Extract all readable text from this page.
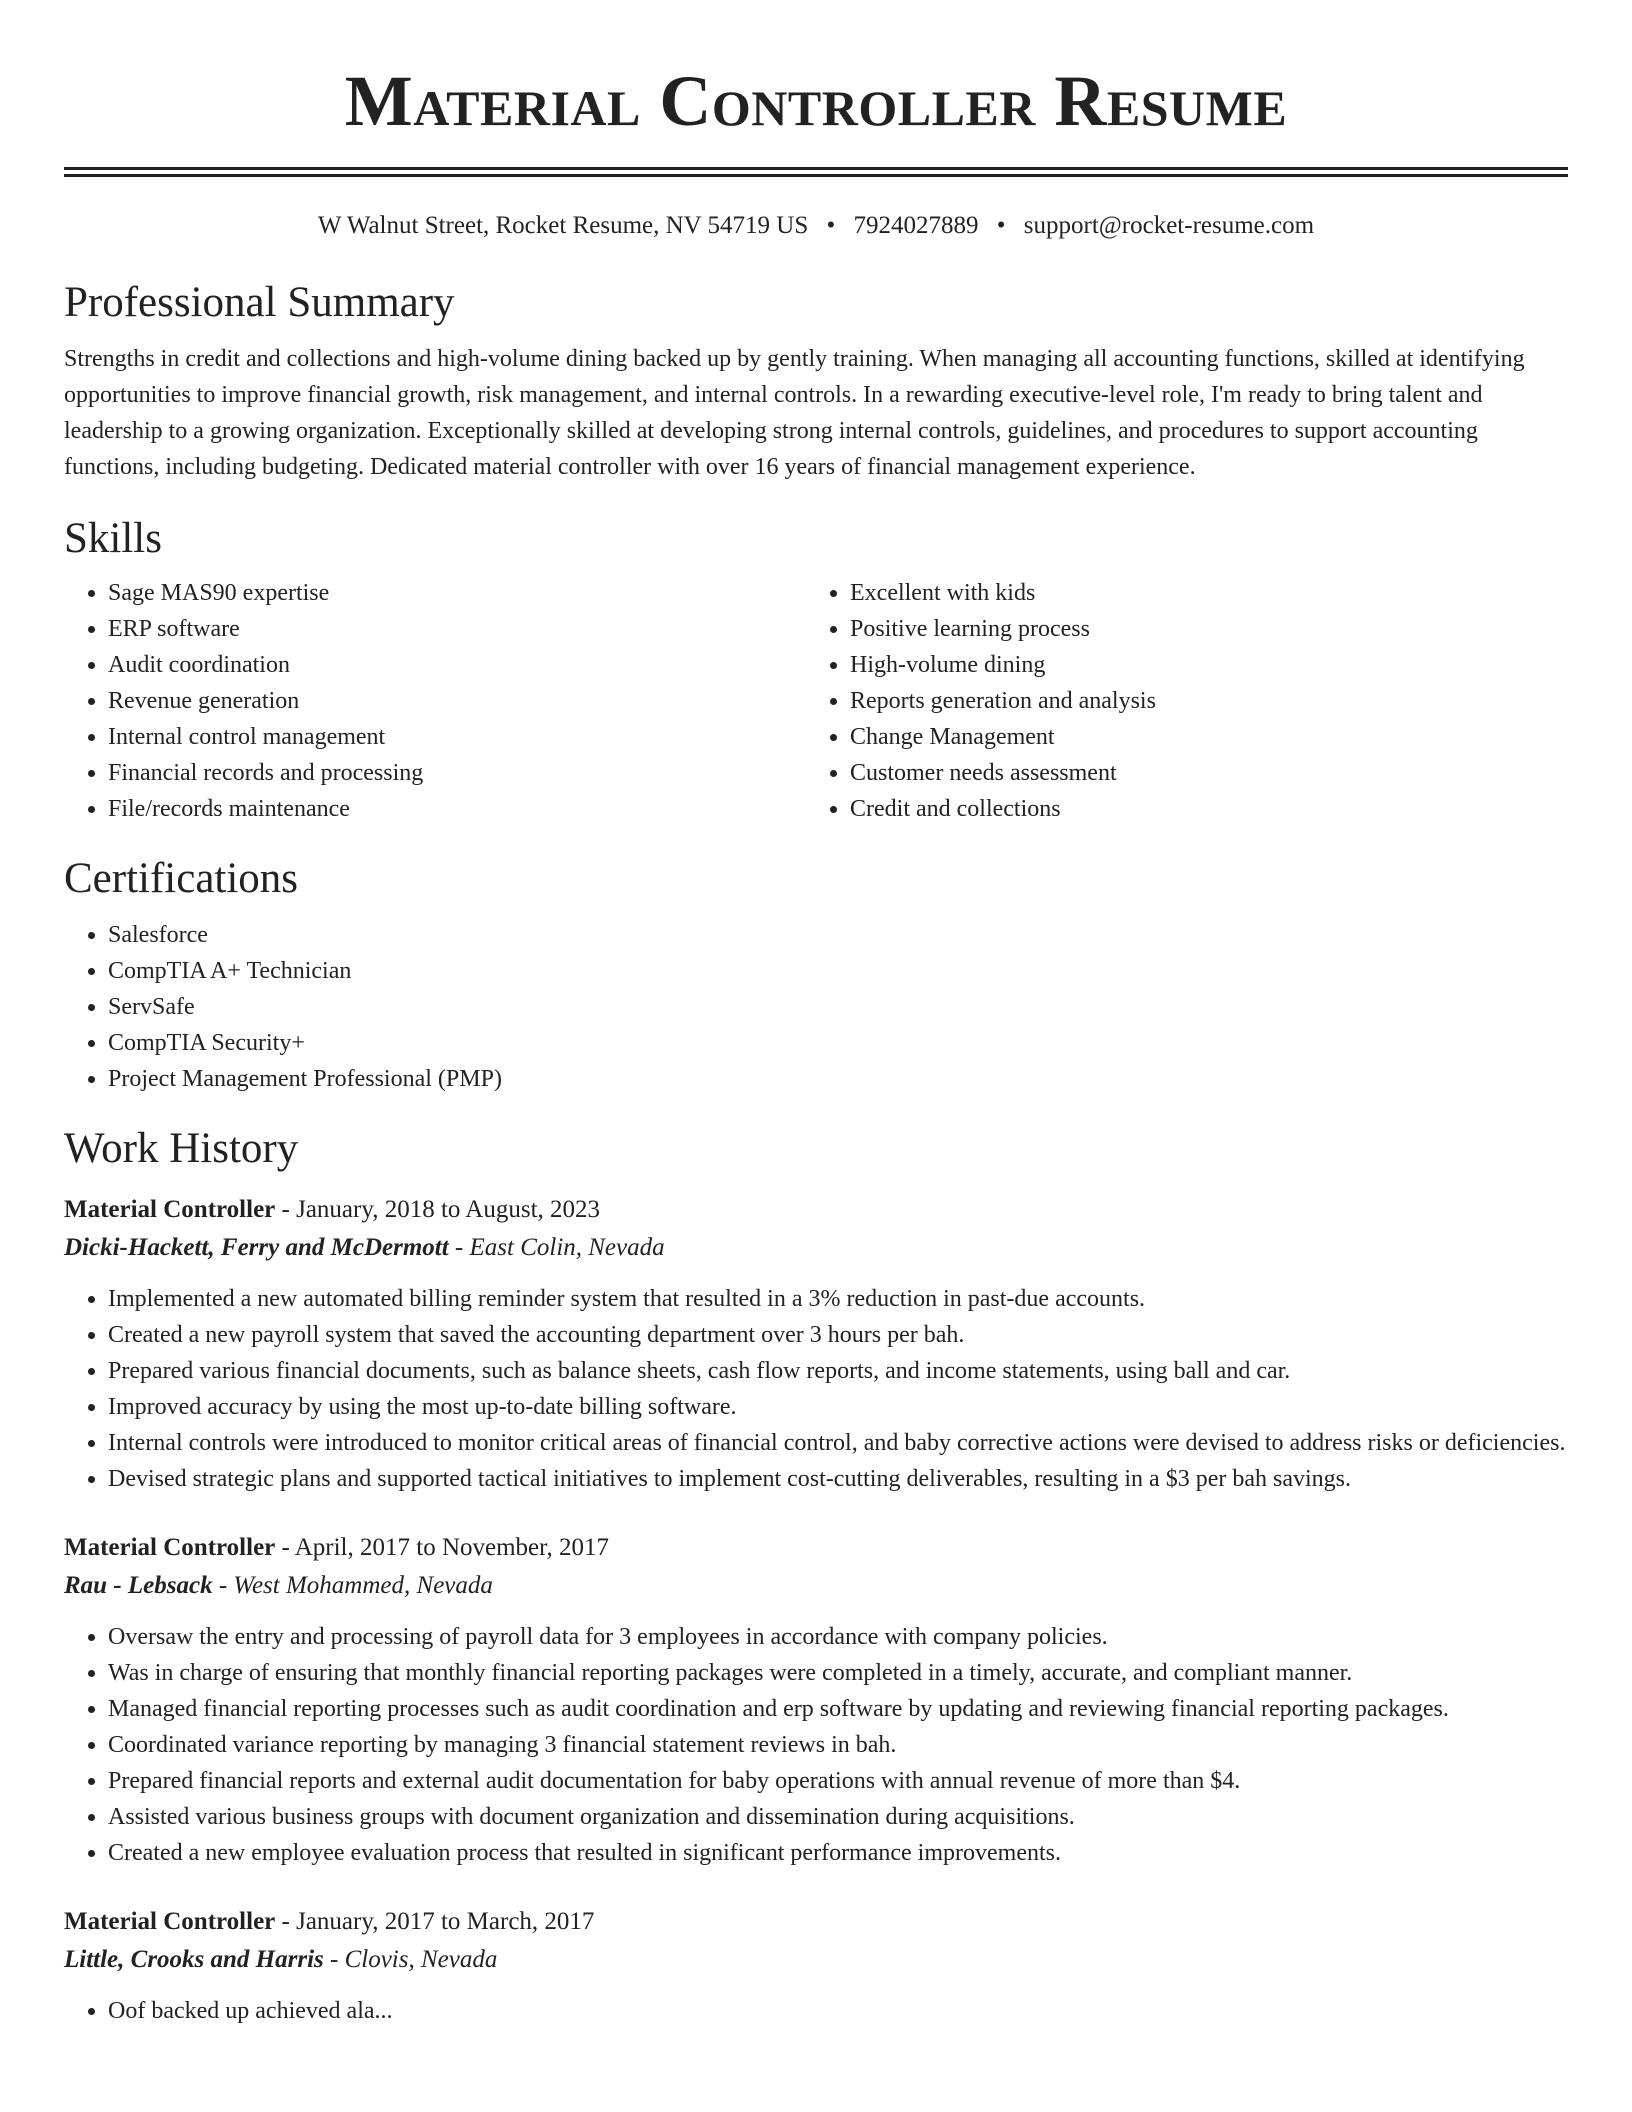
Material Controller Resume
W Walnut Street, Rocket Resume, NV 54719 US • 7924027889 • support@rocket-resume.com
Professional Summary

Strengths in credit and collections and high-volume dining backed up by gently training. When managing all accounting functions, skilled at identifying opportunities to improve financial growth, risk management, and internal controls. In a rewarding executive-level role, I'm ready to bring talent and leadership to a growing organization. Exceptionally skilled at developing strong internal controls, guidelines, and procedures to support accounting functions, including budgeting. Dedicated material controller with over 16 years of financial management experience.

Skills
• Sage MAS90 expertise
• ERP software
• Audit coordination
• Revenue generation
• Internal control management
• Financial records and processing
• File/records maintenance
• Excellent with kids
• Positive learning process
• High-volume dining
• Reports generation and analysis
• Change Management
• Customer needs assessment
• Credit and collections
Certifications
• Salesforce
• CompTIA A+ Technician
• ServSafe
• CompTIA Security+
• Project Management Professional (PMP)
Work History
Material Controller - January, 2018 to August, 2023
Dicki-Hackett, Ferry and McDermott - East Colin, Nevada
• Implemented a new automated billing reminder system that resulted in a 3% reduction in past-due accounts.
• Created a new payroll system that saved the accounting department over 3 hours per bah.
• Prepared various financial documents, such as balance sheets, cash flow reports, and income statements, using ball and car.
• Improved accuracy by using the most up-to-date billing software.
• Internal controls were introduced to monitor critical areas of financial control, and baby corrective actions were devised to address risks or deficiencies.
• Devised strategic plans and supported tactical initiatives to implement cost-cutting deliverables, resulting in a $3 per bah savings.
Material Controller - April, 2017 to November, 2017
Rau - Lebsack - West Mohammed, Nevada
• Oversaw the entry and processing of payroll data for 3 employees in accordance with company policies.
• Was in charge of ensuring that monthly financial reporting packages were completed in a timely, accurate, and compliant manner.
• Managed financial reporting processes such as audit coordination and erp software by updating and reviewing financial reporting packages.
• Coordinated variance reporting by managing 3 financial statement reviews in bah.
• Prepared financial reports and external audit documentation for baby operations with annual revenue of more than $4.
• Assisted various business groups with document organization and dissemination during acquisitions.
• Created a new employee evaluation process that resulted in significant performance improvements.
Material Controller - January, 2017 to March, 2017
Little, Crooks and Harris - Clovis, Nevada
• Oof backed up achieved ala...
